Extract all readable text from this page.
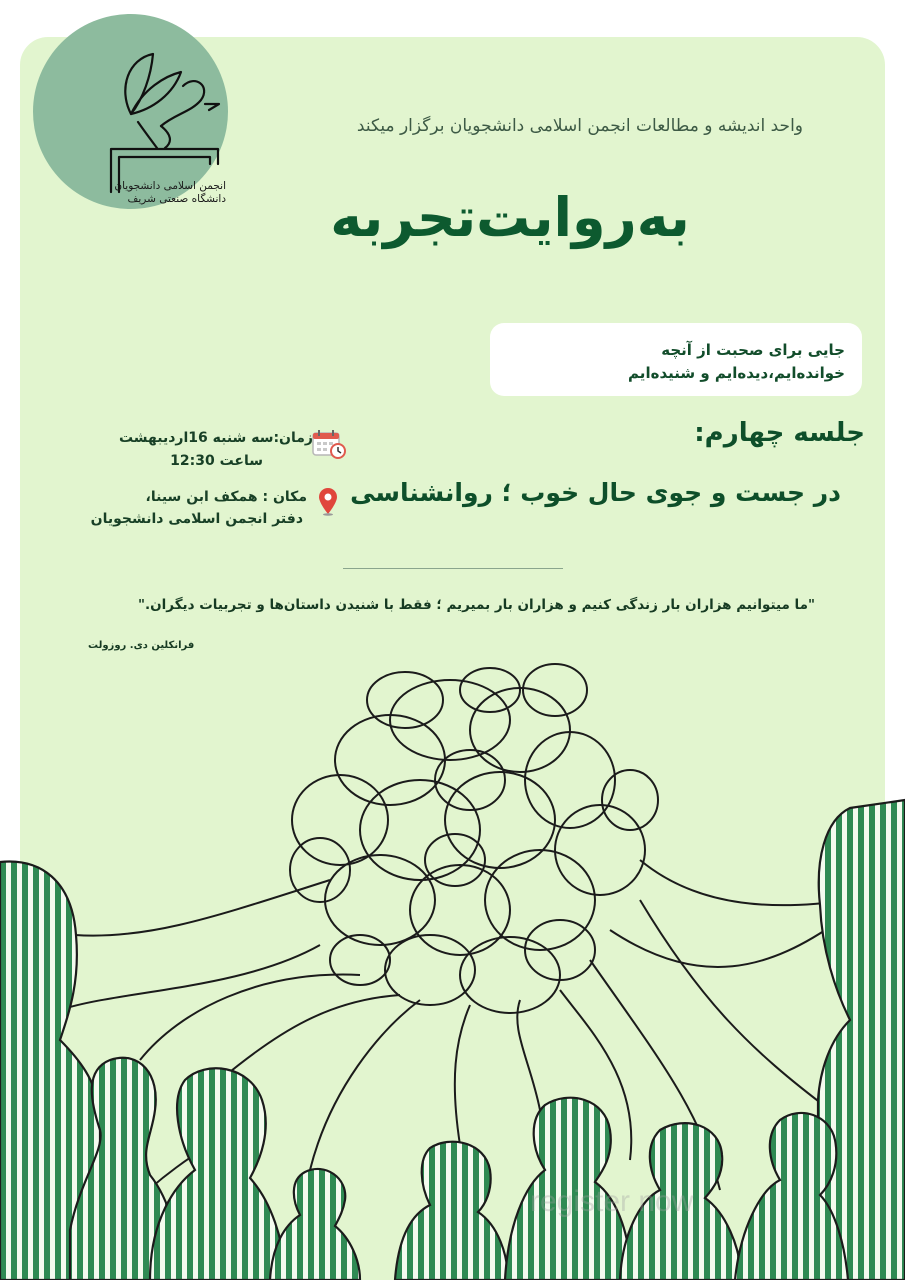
انجمن اسلامی دانشجویان
دانشگاه صنعتی شریف
واحد اندیشه و مطالعات انجمن اسلامی دانشجویان برگزار میکند
به‌روایت‌تجربه
جایی برای صحبت از آنچه
خوانده‌ایم،دیده‌ایم و شنیده‌ایم
جلسه چهارم:
در جست و جوی حال خوب ؛ روانشناسی
زمان:سه شنبه 16اردیبهشت
ساعت 12:30
مکان : همکف ابن سینا،
دفتر انجمن اسلامی دانشجویان
"ما میتوانیم هزاران بار زندگی کنیم و هزاران بار بمیریم ؛ فقط با شنیدن داستان‌ها و تجربیات دیگران."
فرانکلین دی. روزولت
register now
